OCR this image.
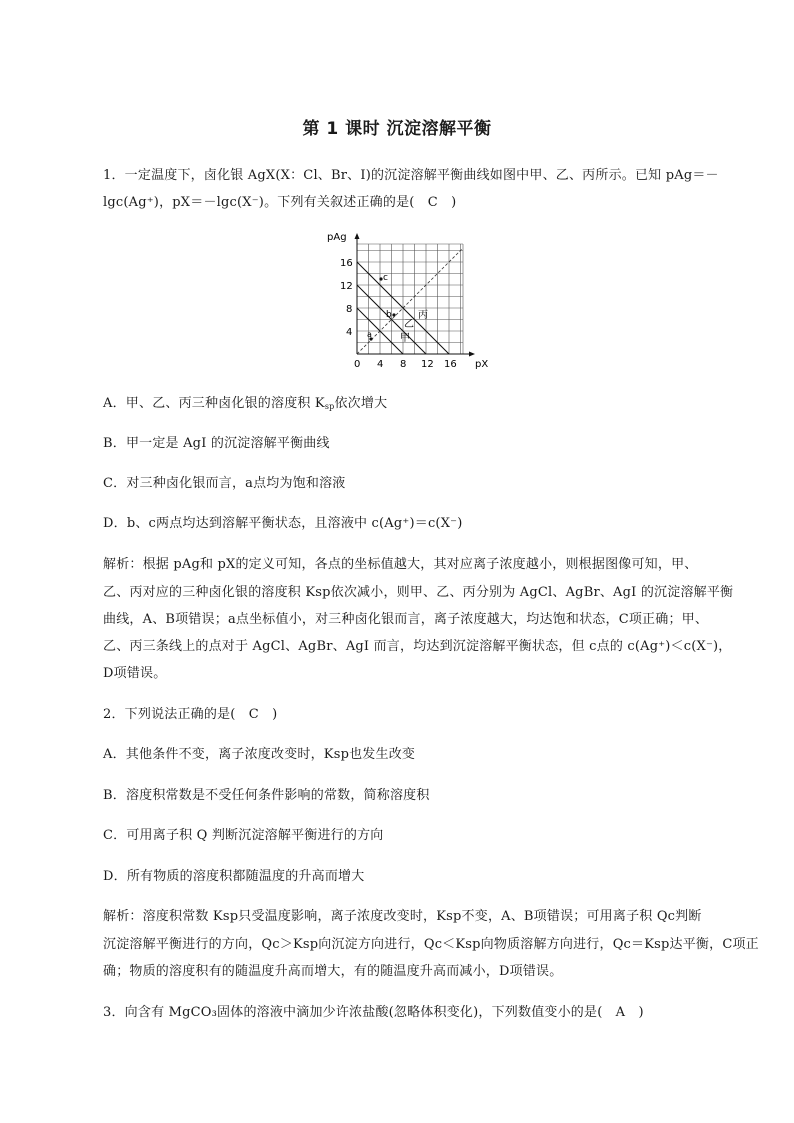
第 1 课时 沉淀溶解平衡
1．一定温度下，卤化银 AgX(X：Cl、Br、I)的沉淀溶解平衡曲线如图中甲、乙、丙所示。已知 pAg＝－
lgc(Ag⁺)，pX＝－lgc(X⁻)。下列有关叙述正确的是(　C　)
pAg
pX
0 4 8 12 16
4
8
12
16
甲
乙
丙
a
b
c
A．甲、乙、丙三种卤化银的溶度积 $K_{sp}$依次增大
B．甲一定是 AgI 的沉淀溶解平衡曲线
C．对三种卤化银而言，a点均为饱和溶液
D．b、c两点均达到溶解平衡状态，且溶液中 c(Ag⁺)＝c(X⁻)
解析：根据 pAg和 pX的定义可知，各点的坐标值越大，其对应离子浓度越小，则根据图像可知，甲、
乙、丙对应的三种卤化银的溶度积 Ksp依次减小，则甲、乙、丙分别为 AgCl、AgBr、AgI 的沉淀溶解平衡
曲线，A、B项错误；a点坐标值小，对三种卤化银而言，离子浓度越大，均达饱和状态，C项正确；甲、
乙、丙三条线上的点对于 AgCl、AgBr、AgI 而言，均达到沉淀溶解平衡状态，但 c点的 c(Ag⁺)＜c(X⁻)，
D项错误。
2．下列说法正确的是(　C　)
A．其他条件不变，离子浓度改变时，Ksp也发生改变
B．溶度积常数是不受任何条件影响的常数，简称溶度积
C．可用离子积 Q 判断沉淀溶解平衡进行的方向
D．所有物质的溶度积都随温度的升高而增大
解析：溶度积常数 Ksp只受温度影响，离子浓度改变时，Ksp不变，A、B项错误；可用离子积 Qc判断
沉淀溶解平衡进行的方向，Qc＞Ksp向沉淀方向进行，Qc＜Ksp向物质溶解方向进行，Qc＝Ksp达平衡，C项正
确；物质的溶度积有的随温度升高而增大，有的随温度升高而减小，D项错误。
3．向含有 MgCO₃固体的溶液中滴加少许浓盐酸(忽略体积变化)，下列数值变小的是(　A　)
